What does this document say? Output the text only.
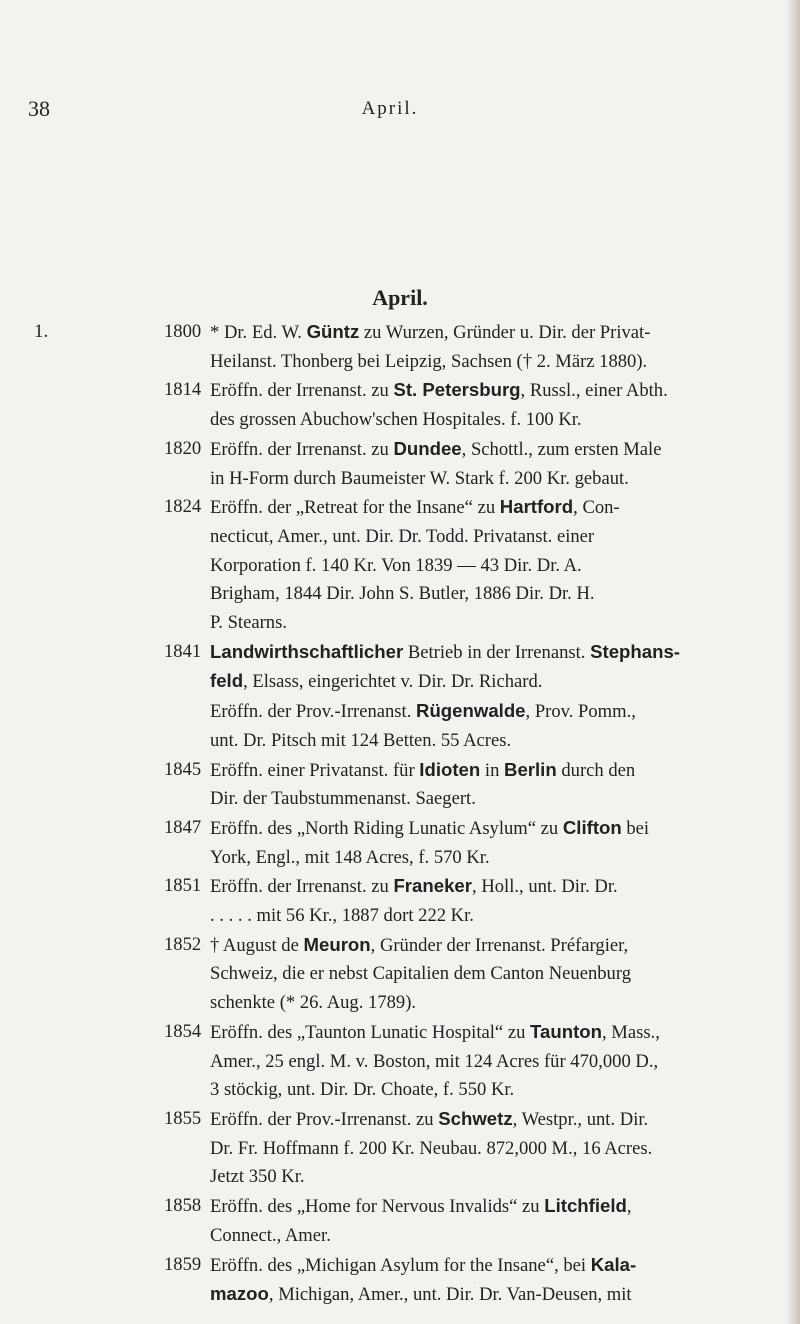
38	April.
April.
1.	1800 * Dr. Ed. W. Güntz zu Wurzen, Gründer u. Dir. der Privat-
Heilanst. Thonberg bei Leipzig, Sachsen († 2. März 1880).
1814 Eröffn. der Irrenanst. zu St. Petersburg, Russl., einer Abth.
des grossen Abuchow'schen Hospitales. f. 100 Kr.
1820 Eröffn. der Irrenanst. zu Dundee, Schottl., zum ersten Male
in H-Form durch Baumeister W. Stark f. 200 Kr. gebaut.
1824 Eröffn. der „Retreat for the Insane“ zu Hartford, Con-
necticut, Amer., unt. Dir. Dr. Todd. Privatanst. einer
Korporation f. 140 Kr. Von 1839 — 43 Dir. Dr. A.
Brigham, 1844 Dir. John S. Butler, 1886 Dir. Dr. H.
P. Stearns.
1841 Landwirthschaftlicher Betrieb in der Irrenanst. Stephans-
feld, Elsass, eingerichtet v. Dir. Dr. Richard.
Eröffn. der Prov.-Irrenanst. Rügenwalde, Prov. Pomm.,
unt. Dr. Pitsch mit 124 Betten. 55 Acres.
1845 Eröffn. einer Privatanst. für Idioten in Berlin durch den
Dir. der Taubstummenanst. Saegert.
1847 Eröffn. des „North Riding Lunatic Asylum“ zu Clifton bei
York, Engl., mit 148 Acres, f. 570 Kr.
1851 Eröffn. der Irrenanst. zu Franeker, Holl., unt. Dir. Dr.
. . . . . mit 56 Kr., 1887 dort 222 Kr.
1852 † August de Meuron, Gründer der Irrenanst. Préfargier,
Schweiz, die er nebst Capitalien dem Canton Neuenburg
schenkte (* 26. Aug. 1789).
1854 Eröffn. des „Taunton Lunatic Hospital“ zu Taunton, Mass.,
Amer., 25 engl. M. v. Boston, mit 124 Acres für 470,000 D.,
3 stöckig, unt. Dir. Dr. Choate, f. 550 Kr.
1855 Eröffn. der Prov.-Irrenanst. zu Schwetz, Westpr., unt. Dir.
Dr. Fr. Hoffmann f. 200 Kr. Neubau. 872,000 M., 16 Acres.
Jetzt 350 Kr.
1858 Eröffn. des „Home for Nervous Invalids“ zu Litchfield,
Connect., Amer.
1859 Eröffn. des „Michigan Asylum for the Insane“, bei Kala-
mazoo, Michigan, Amer., unt. Dir. Dr. Van-Deusen, mit
